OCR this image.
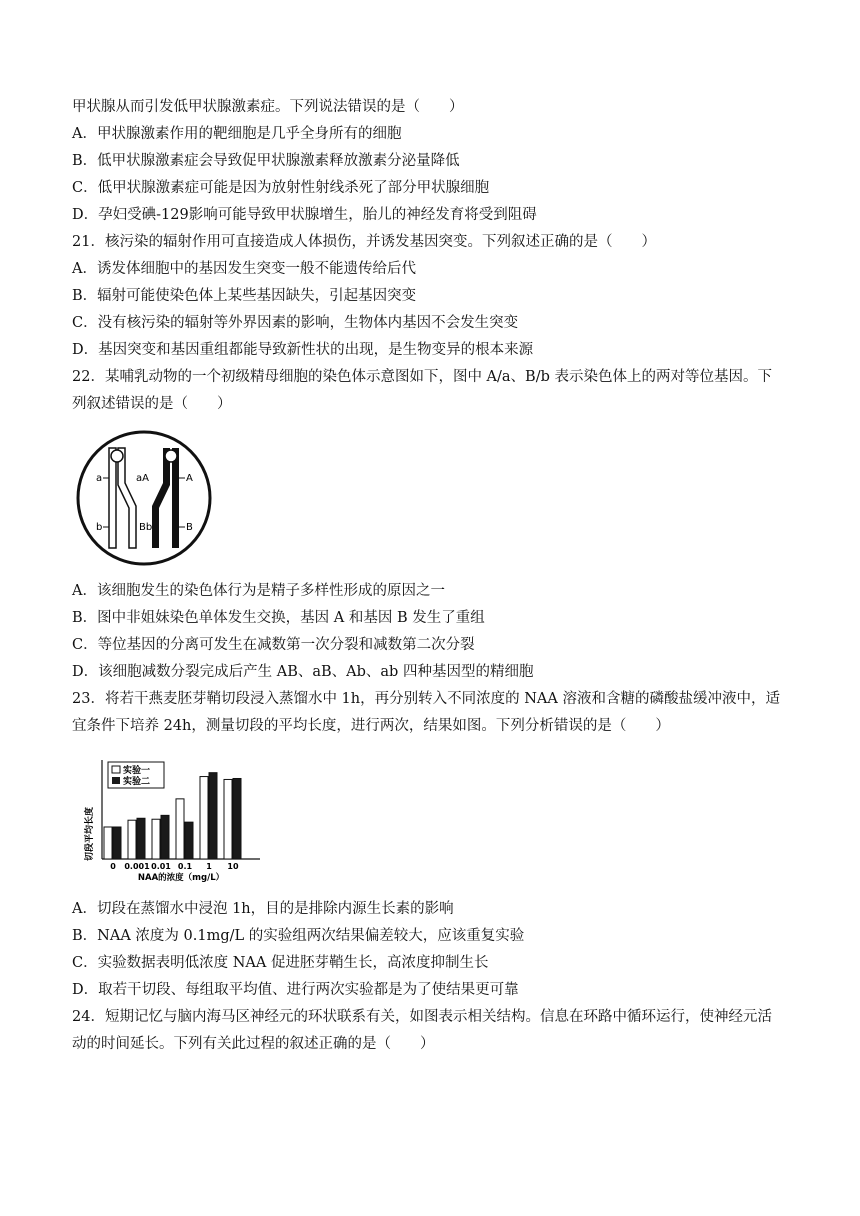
甲状腺从而引发低甲状腺激素症。下列说法错误的是（　　）
A．甲状腺激素作用的靶细胞是几乎全身所有的细胞
B．低甲状腺激素症会导致促甲状腺激素释放激素分泌量降低
C．低甲状腺激素症可能是因为放射性射线杀死了部分甲状腺细胞
D．孕妇受碘-129影响可能导致甲状腺增生，胎儿的神经发育将受到阻碍
21．核污染的辐射作用可直接造成人体损伤，并诱发基因突变。下列叙述正确的是（　　）
A．诱发体细胞中的基因发生突变一般不能遗传给后代
B．辐射可能使染色体上某些基因缺失，引起基因突变
C．没有核污染的辐射等外界因素的影响，生物体内基因不会发生突变
D．基因突变和基因重组都能导致新性状的出现，是生物变异的根本来源
22．某哺乳动物的一个初级精母细胞的染色体示意图如下，图中 A/a、B/b 表示染色体上的两对等位基因。下
列叙述错误的是（　　）
a	aA	A
b	Bb	B
A．该细胞发生的染色体行为是精子多样性形成的原因之一
B．图中非姐妹染色单体发生交换，基因 A 和基因 B 发生了重组
C．等位基因的分离可发生在减数第一次分裂和减数第二次分裂
D．该细胞减数分裂完成后产生 AB、aB、Ab、ab 四种基因型的精细胞
23．将若干燕麦胚芽鞘切段浸入蒸馏水中 1h，再分别转入不同浓度的 NAA 溶液和含糖的磷酸盐缓冲液中，适
宜条件下培养 24h，测量切段的平均长度，进行两次，结果如图。下列分析错误的是（　　）
切段平均长度
实验一
实验二
0 0.001 0.01 0.1 1 10
NAA的浓度（mg/L）
A．切段在蒸馏水中浸泡 1h，目的是排除内源生长素的影响
B．NAA 浓度为 0.1mg/L 的实验组两次结果偏差较大，应该重复实验
C．实验数据表明低浓度 NAA 促进胚芽鞘生长，高浓度抑制生长
D．取若干切段、每组取平均值、进行两次实验都是为了使结果更可靠
24．短期记忆与脑内海马区神经元的环状联系有关，如图表示相关结构。信息在环路中循环运行，使神经元活
动的时间延长。下列有关此过程的叙述正确的是（　　）
